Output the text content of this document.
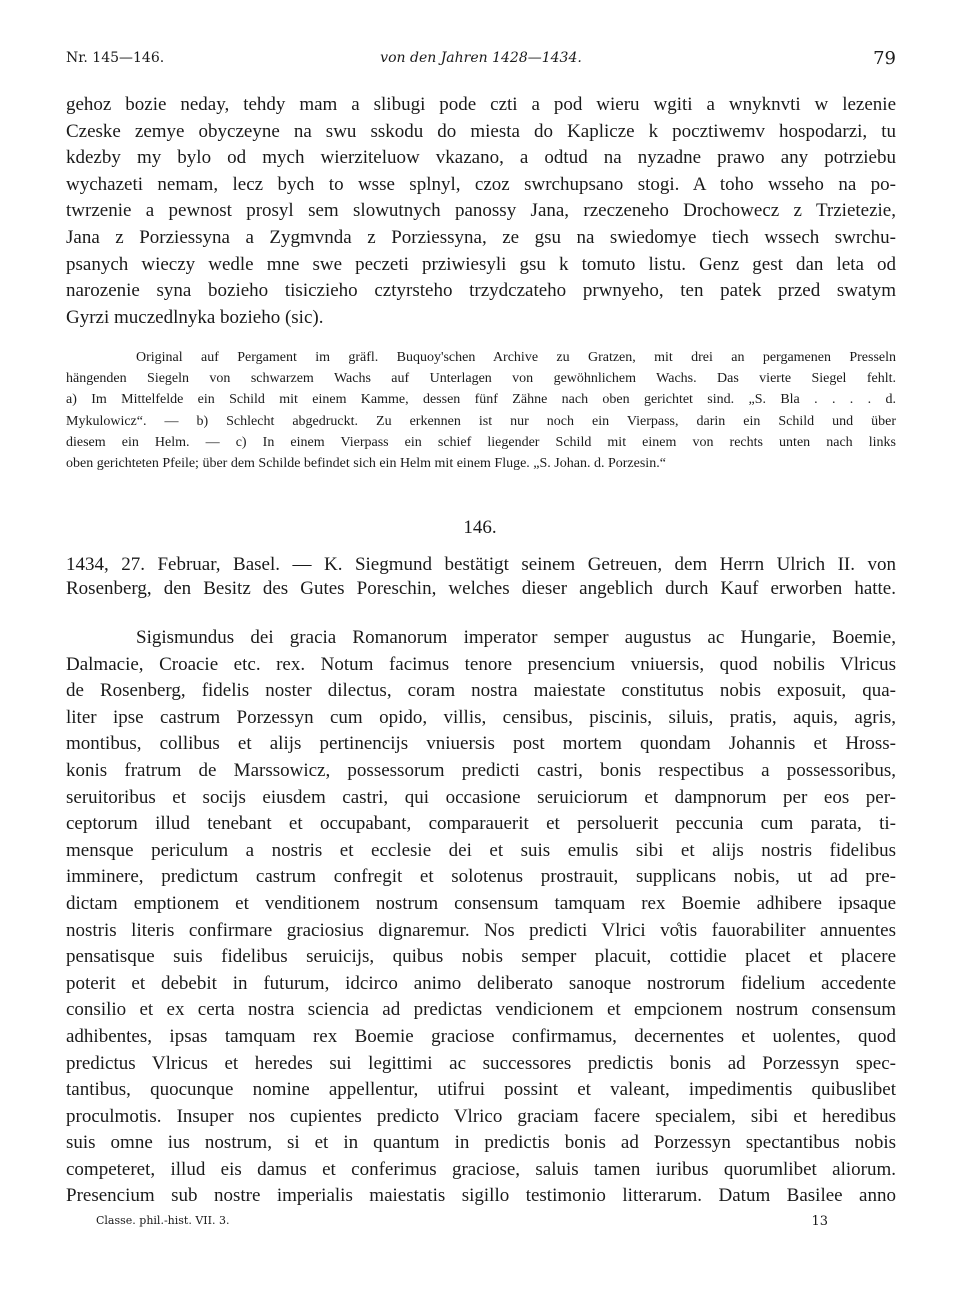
Nr. 145—146.	von den Jahren 1428—1434.	79
gehoz bozie neday, tehdy mam a slibugi pode czti a pod wieru wgiti a wnyknvti w lezenie
Czeske zemye obyczeyne na swu sskodu do miesta do Kaplicze k pocztiwemv hospodarzi, tu
kdezby my bylo od mych wierziteluow vkazano, a odtud na nyzadne prawo any potrziebu
wychazeti nemam, lecz bych to wsse splnyl, czoz swrchupsano stogi. A toho wsseho na po-
twrzenie a pewnost prosyl sem slowutnych panossy Jana, rzeczeneho Drochowecz z Trzietezie,
Jana z Porziessyna a Zygmvnda z Porziessyna, ze gsu na swiedomye tiech wssech swrchu-
psanych wieczy wedle mne swe peczeti prziwiesyli gsu k tomuto listu. Genz gest dan leta od
narozenie syna bozieho tisiczieho cztyrsteho trzydczateho prwnyeho, ten patek przed swatym
Gyrzi muczedlnyka bozieho (sic).
Original auf Pergament im gräfl. Buquoy'schen Archive zu Gratzen, mit drei an pergamenen Presseln
hängenden Siegeln von schwarzem Wachs auf Unterlagen von gewöhnlichem Wachs. Das vierte Siegel fehlt.
a) Im Mittelfelde ein Schild mit einem Kamme, dessen fünf Zähne nach oben gerichtet sind. „S. Bla . . . . d.
Mykulowicz“. — b) Schlecht abgedruckt. Zu erkennen ist nur noch ein Vierpass, darin ein Schild und über
diesem ein Helm. — c) In einem Vierpass ein schief liegender Schild mit einem von rechts unten nach links
oben gerichteten Pfeile; über dem Schilde befindet sich ein Helm mit einem Fluge. „S. Johan. d. Porzesin.“
146.
1434, 27. Februar, Basel. — K. Siegmund bestätigt seinem Getreuen, dem Herrn Ulrich II. von
Rosenberg, den Besitz des Gutes Poreschin, welches dieser angeblich durch Kauf erworben hatte.
Sigismundus dei gracia Romanorum imperator semper augustus ac Hungarie, Boemie,
Dalmacie, Croacie etc. rex. Notum facimus tenore presencium vniuersis, quod nobilis Vlricus
de Rosenberg, fidelis noster dilectus, coram nostra maiestate constitutus nobis exposuit, qua-
liter ipse castrum Porzessyn cum opido, villis, censibus, piscinis, siluis, pratis, aquis, agris,
montibus, collibus et alijs pertinencijs vniuersis post mortem quondam Johannis et Hross-
konis fratrum de Marssowicz, possessorum predicti castri, bonis respectibus a possessoribus,
seruitoribus et socijs eiusdem castri, qui occasione seruiciorum et dampnorum per eos per-
ceptorum illud tenebant et occupabant, comparauerit et persoluerit peccunia cum parata, ti-
mensque periculum a nostris et ecclesie dei et suis emulis sibi et alijs nostris fidelibus
imminere, predictum castrum confregit et solotenus prostrauit, supplicans nobis, ut ad pre-
dictam emptionem et venditionem nostrum consensum tamquam rex Boemie adhibere ipsaque
nostris literis confirmare graciosius dignaremur. Nos predicti Vlrici vo̊tis fauorabiliter annuentes
pensatisque suis fidelibus seruicijs, quibus nobis semper placuit, cottidie placet et placere
poterit et debebit in futurum, idcirco animo deliberato sanoque nostrorum fidelium accedente
consilio et ex certa nostra sciencia ad predictas vendicionem et empcionem nostrum consensum
adhibentes, ipsas tamquam rex Boemie graciose confirmamus, decernentes et uolentes, quod
predictus Vlricus et heredes sui legittimi ac successores predictis bonis ad Porzessyn spec-
tantibus, quocunque nomine appellentur, utifrui possint et valeant, impedimentis quibuslibet
proculmotis. Insuper nos cupientes predicto Vlrico graciam facere specialem, sibi et heredibus
suis omne ius nostrum, si et in quantum in predictis bonis ad Porzessyn spectantibus nobis
competeret, illud eis damus et conferimus graciose, saluis tamen iuribus quorumlibet aliorum.
Presencium sub nostre imperialis maiestatis sigillo testimonio litterarum. Datum Basilee anno
Classe. phil.-hist. VII. 3.	13
